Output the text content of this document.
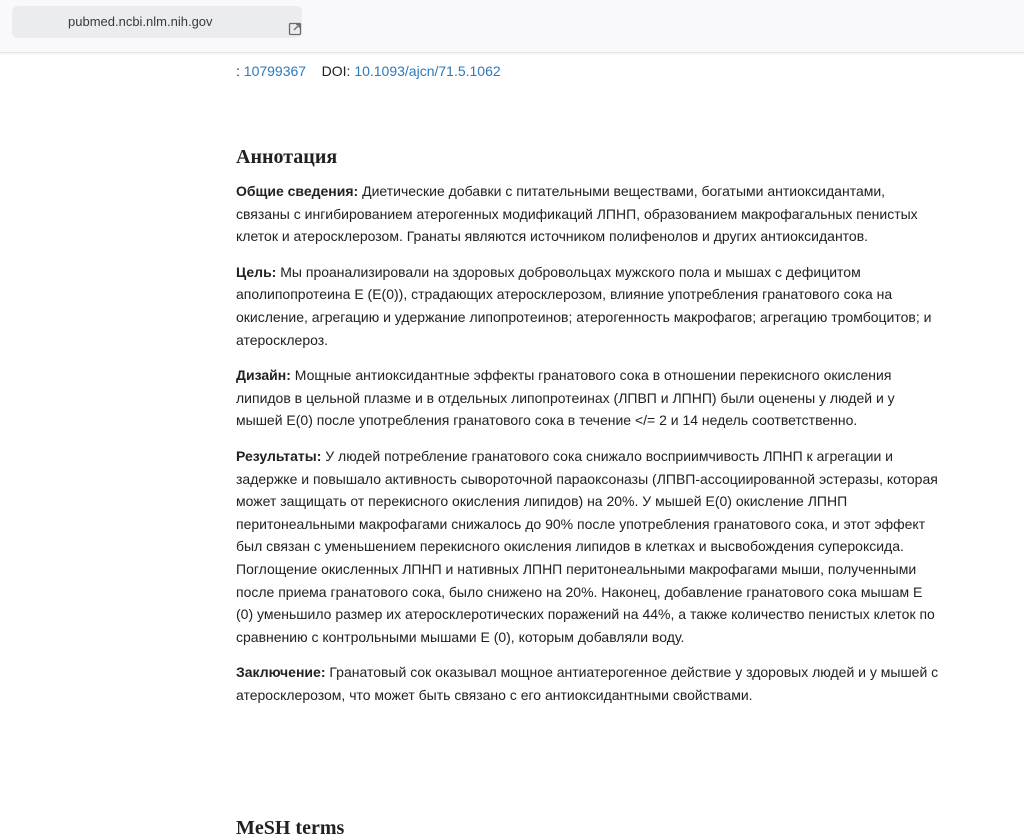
pubmed.ncbi.nlm.nih.gov
: 10799367 DOI: 10.1093/ajcn/71.5.1062
Аннотация

Общие сведения: Диетические добавки с питательными веществами, богатыми антиоксидантами, связаны с ингибированием атерогенных модификаций ЛПНП, образованием макрофагальных пенистых клеток и атеросклерозом. Гранаты являются источником полифенолов и других антиоксидантов.

Цель: Мы проанализировали на здоровых добровольцах мужского пола и мышах с дефицитом аполипопротеина Е (Е(0)), страдающих атеросклерозом, влияние употребления гранатового сока на окисление, агрегацию и удержание липопротеинов; атерогенность макрофагов; агрегацию тромбоцитов; и атеросклероз.

Дизайн: Мощные антиоксидантные эффекты гранатового сока в отношении перекисного окисления липидов в цельной плазме и в отдельных липопротеинах (ЛПВП и ЛПНП) были оценены у людей и у мышей Е(0) после употребления гранатового сока в течение </= 2 и 14 недель соответственно.

Результаты: У людей потребление гранатового сока снижало восприимчивость ЛПНП к агрегации и задержке и повышало активность сывороточной параоксоназы (ЛПВП-ассоциированной эстеразы, которая может защищать от перекисного окисления липидов) на 20%. У мышей Е(0) окисление ЛПНП перитонеальными макрофагами снижалось до 90% после употребления гранатового сока, и этот эффект был связан с уменьшением перекисного окисления липидов в клетках и высвобождения супероксида. Поглощение окисленных ЛПНП и нативных ЛПНП перитонеальными макрофагами мыши, полученными после приема гранатового сока, было снижено на 20%. Наконец, добавление гранатового сока мышам Е (0) уменьшило размер их атеросклеротических поражений на 44%, а также количество пенистых клеток по сравнению с контрольными мышами Е (0), которым добавляли воду.

Заключение: Гранатовый сок оказывал мощное антиатерогенное действие у здоровых людей и у мышей с атеросклерозом, что может быть связано с его антиоксидантными свойствами.

MeSH terms
